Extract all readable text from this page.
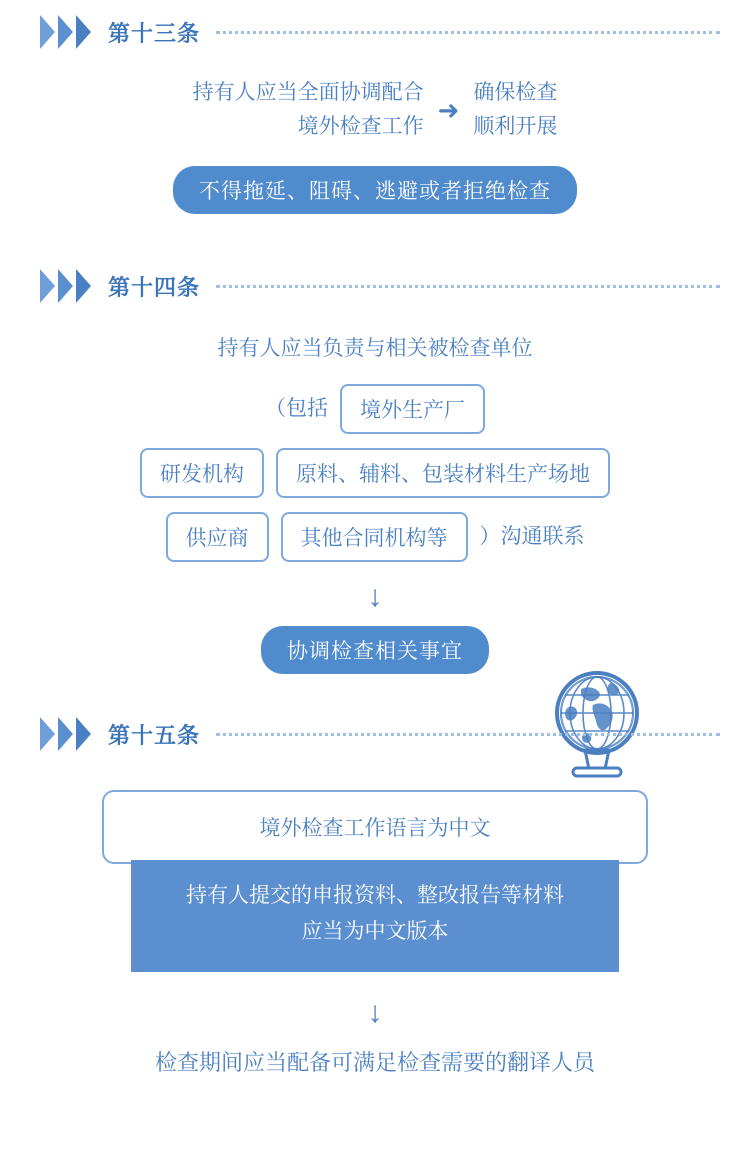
第十三条
持有人应当全面协调配合
境外检查工作
➜
确保检查
顺利开展
不得拖延、阻碍、逃避或者拒绝检查
第十四条
持有人应当负责与相关被检查单位
（包括	境外生产厂
研发机构	原料、辅料、包装材料生产场地
供应商	其他合同机构等	）沟通联系
↓
协调检查相关事宜
第十五条
境外检查工作语言为中文
持有人提交的申报资料、整改报告等材料
应当为中文版本
↓
检查期间应当配备可满足检查需要的翻译人员
